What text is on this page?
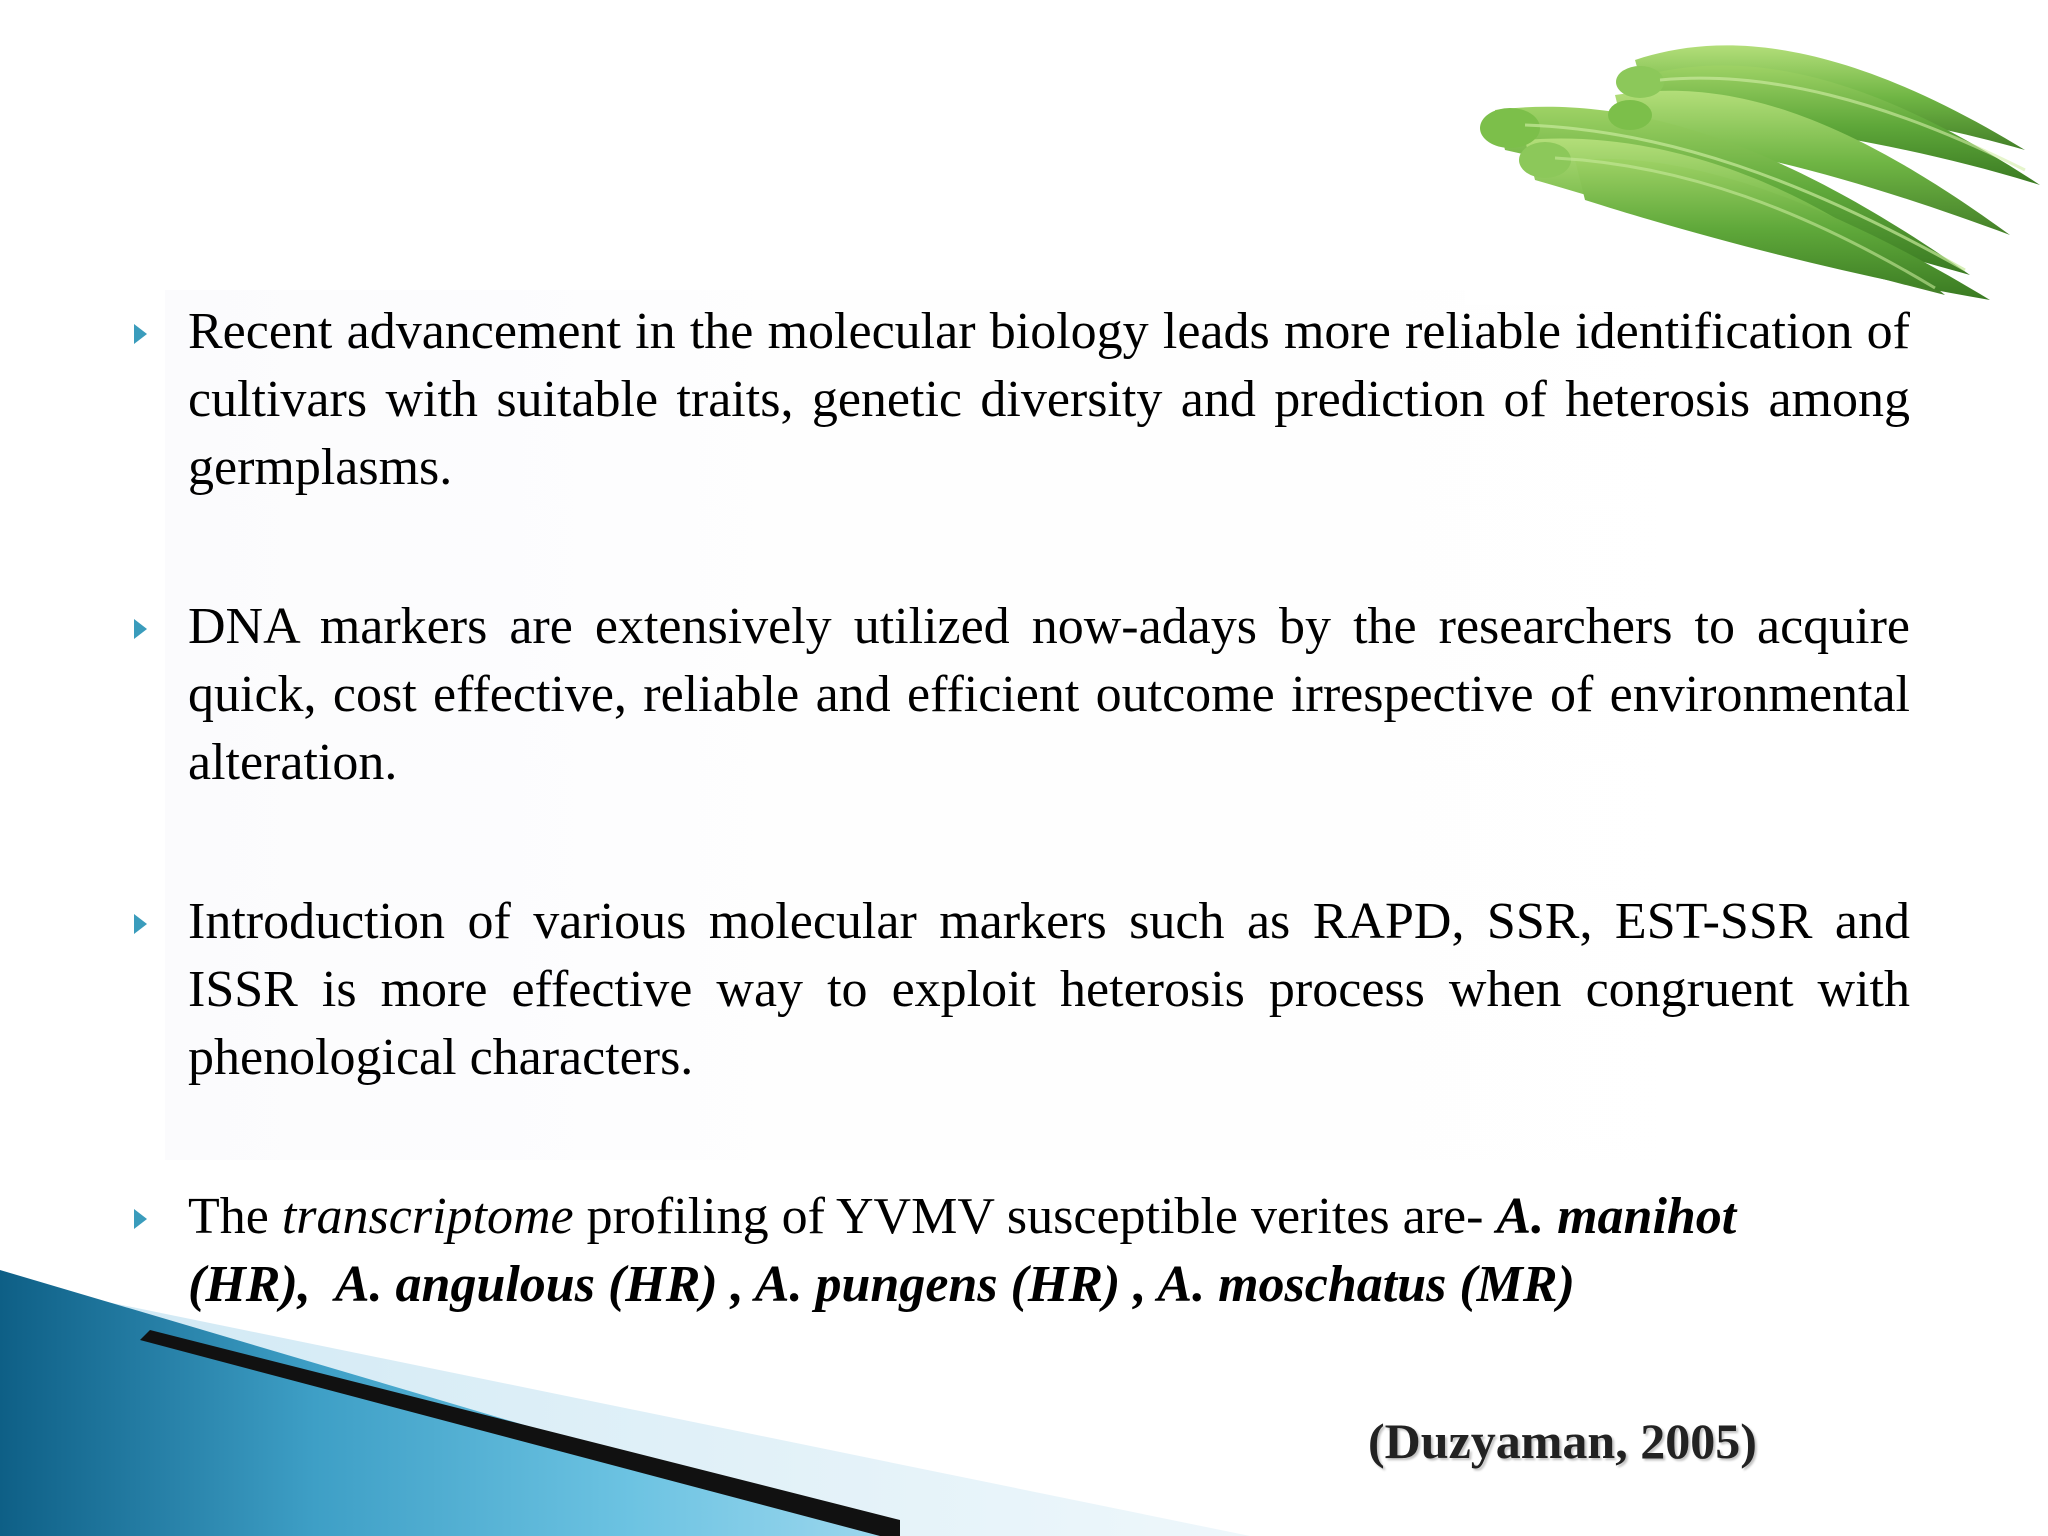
Recent advancement in the molecular biology leads more reliable identification of cultivars with suitable traits, genetic diversity and prediction of heterosis among germplasms.
DNA markers are extensively utilized now-adays by the researchers to acquire quick, cost effective, reliable and efficient outcome irrespective of environmental alteration.
Introduction of various molecular markers such as RAPD, SSR, EST-SSR and ISSR is more effective way to exploit heterosis process when congruent with phenological characters.
The transcriptome profiling of YVMV susceptible verites are- A. manihot
(HR),  A. angulous (HR) , A. pungens (HR) , A. moschatus (MR)
(Duzyaman, 2005)
